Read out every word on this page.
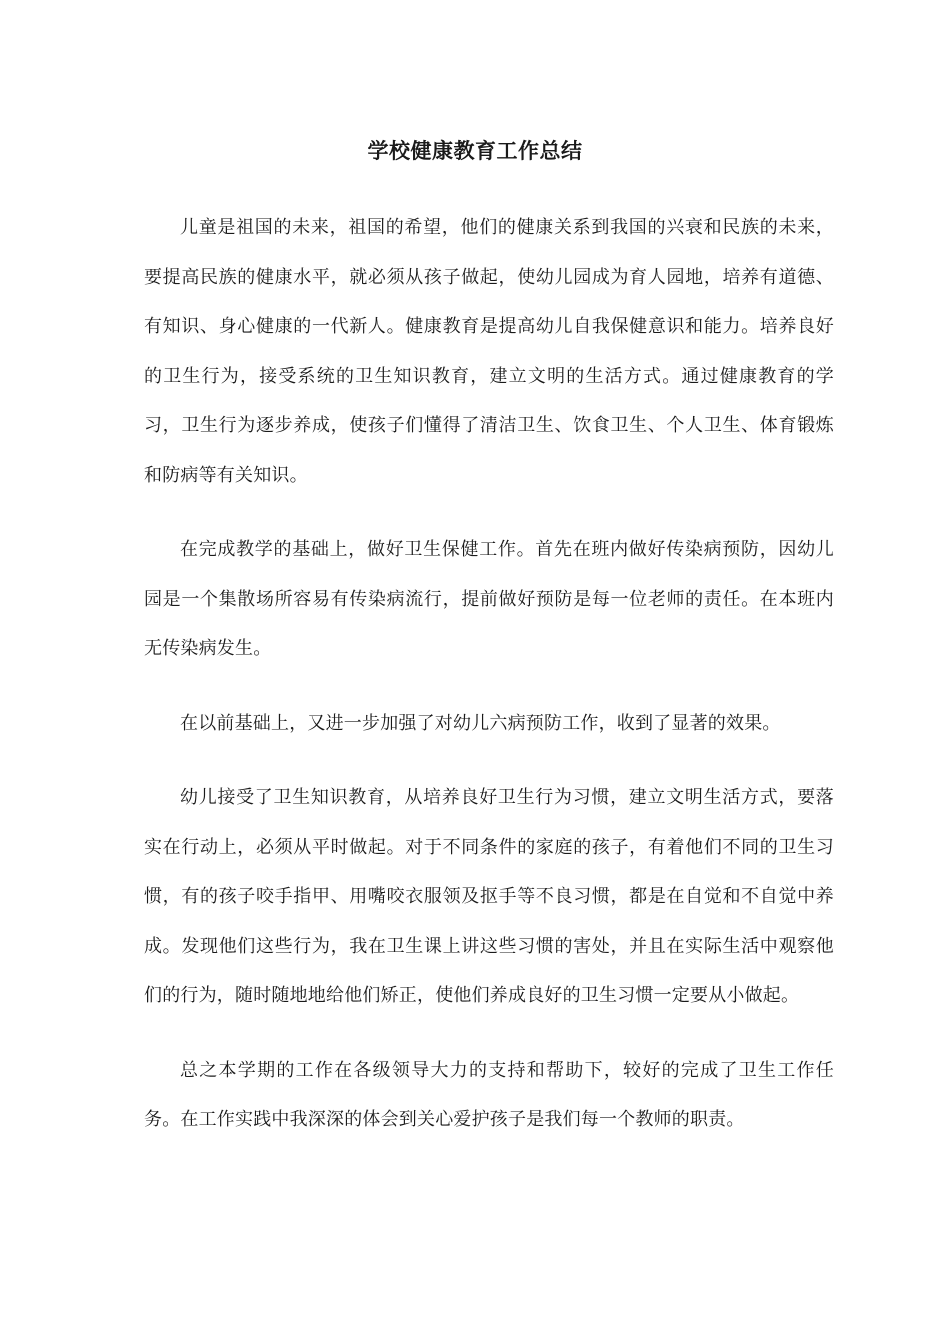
学校健康教育工作总结

儿童是祖国的未来，祖国的希望，他们的健康关系到我国的兴衰和民族的未来，要提高民族的健康水平，就必须从孩子做起，使幼儿园成为育人园地，培养有道德、有知识、身心健康的一代新人。健康教育是提高幼儿自我保健意识和能力。培养良好的卫生行为，接受系统的卫生知识教育，建立文明的生活方式。通过健康教育的学习，卫生行为逐步养成，使孩子们懂得了清洁卫生、饮食卫生、个人卫生、体育锻炼和防病等有关知识。

在完成教学的基础上，做好卫生保健工作。首先在班内做好传染病预防，因幼儿园是一个集散场所容易有传染病流行，提前做好预防是每一位老师的责任。在本班内无传染病发生。

在以前基础上，又进一步加强了对幼儿六病预防工作，收到了显著的效果。

幼儿接受了卫生知识教育，从培养良好卫生行为习惯，建立文明生活方式，要落实在行动上，必须从平时做起。对于不同条件的家庭的孩子，有着他们不同的卫生习惯，有的孩子咬手指甲、用嘴咬衣服领及抠手等不良习惯，都是在自觉和不自觉中养成。发现他们这些行为，我在卫生课上讲这些习惯的害处，并且在实际生活中观察他们的行为，随时随地地给他们矫正，使他们养成良好的卫生习惯一定要从小做起。

总之本学期的工作在各级领导大力的支持和帮助下，较好的完成了卫生工作任务。在工作实践中我深深的体会到关心爱护孩子是我们每一个教师的职责。
